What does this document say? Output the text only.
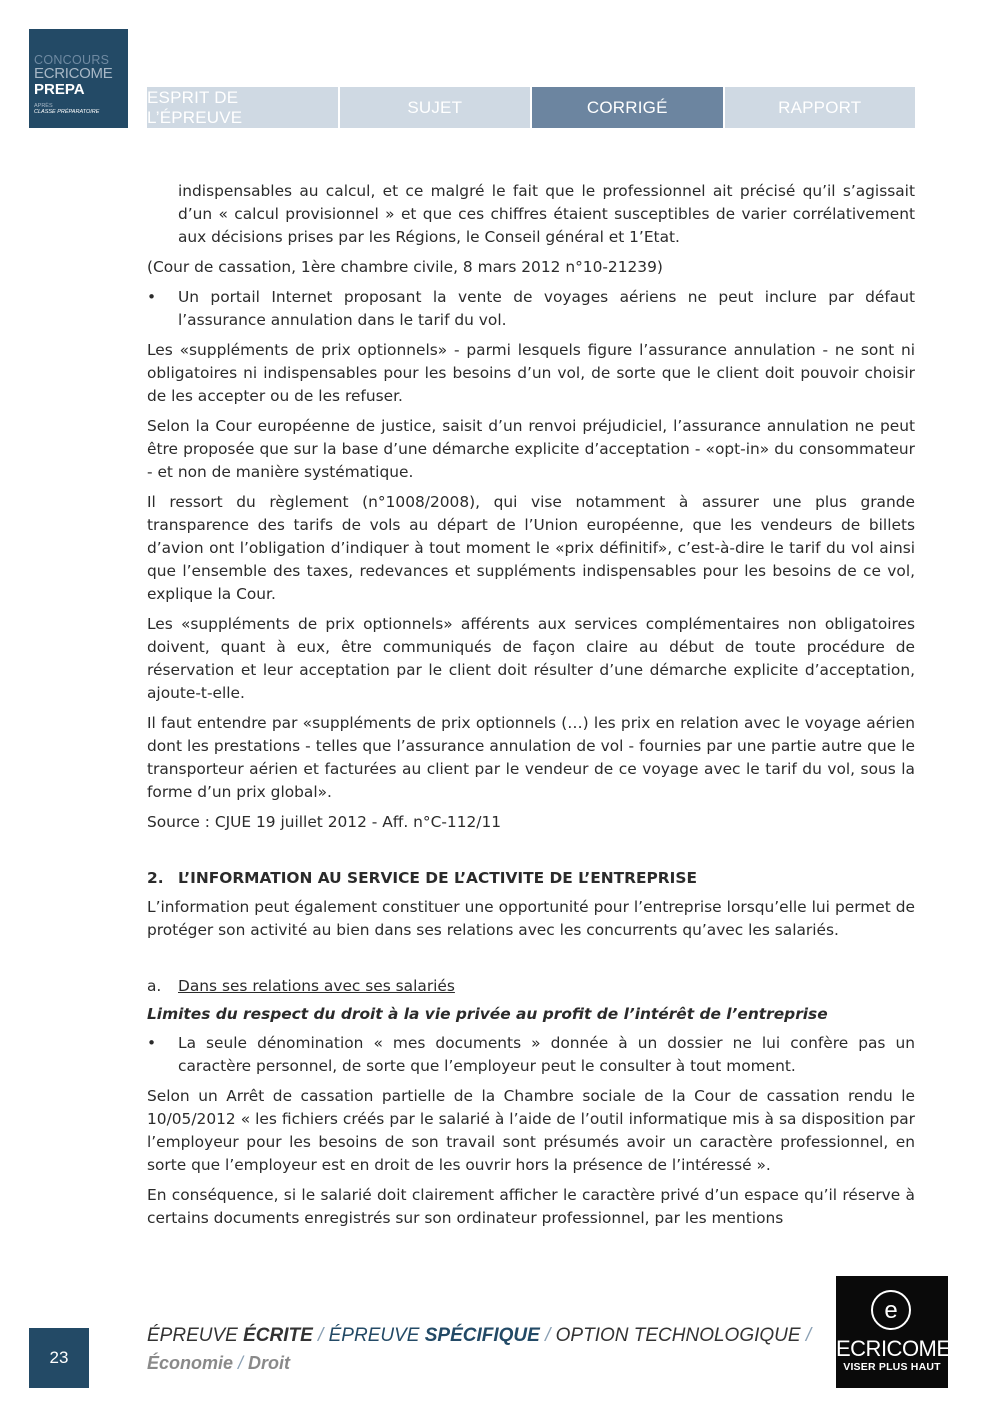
CONCOURS
ECRICOME
PREPA
APRÈS
CLASSE PRÉPARATOIRE
ESPRIT DE L’ÉPREUVE
SUJET	CORRIGÉ	RAPPORT

indispensables au calcul, et ce malgré le fait que le professionnel ait précisé qu’il s’agissait d’un « calcul provisionnel » et que ces chiffres étaient susceptibles de varier corrélativement aux décisions prises par les Régions, le Conseil général et 1’Etat.

(Cour de cassation, 1ère chambre civile, 8 mars 2012 n°10-21239)

• Un portail Internet proposant la vente de voyages aériens ne peut inclure par défaut l’assurance annulation dans le tarif du vol.

Les «suppléments de prix optionnels» - parmi lesquels figure l’assurance annulation - ne sont ni obligatoires ni indispensables pour les besoins d’un vol, de sorte que le client doit pouvoir choisir de les accepter ou de les refuser.

Selon la Cour européenne de justice, saisit d’un renvoi préjudiciel, l’assurance annulation ne peut être proposée que sur la base d’une démarche explicite d’acceptation - «opt-in» du consommateur - et non de manière systématique.

Il ressort du règlement (n°1008/2008), qui vise notamment à assurer une plus grande transparence des tarifs de vols au départ de l’Union européenne, que les vendeurs de billets d’avion ont l’obligation d’indiquer à tout moment le «prix définitif», c’est-à-dire le tarif du vol ainsi que l’ensemble des taxes, redevances et suppléments indispensables pour les besoins de ce vol, explique la Cour.

Les «suppléments de prix optionnels» afférents aux services complémentaires non obligatoires doivent, quant à eux, être communiqués de façon claire au début de toute procédure de réservation et leur acceptation par le client doit résulter d’une démarche explicite d’acceptation, ajoute-t-elle.

Il faut entendre par «suppléments de prix optionnels (…) les prix en relation avec le voyage aérien dont les prestations - telles que l’assurance annulation de vol - fournies par une partie autre que le transporteur aérien et facturées au client par le vendeur de ce voyage avec le tarif du vol, sous la forme d’un prix global».

Source : CJUE 19 juillet 2012 - Aff. n°C-112/11

2. L’INFORMATION AU SERVICE DE L’ACTIVITE DE L’ENTREPRISE

L’information peut également constituer une opportunité pour l’entreprise lorsqu’elle lui permet de protéger son activité au bien dans ses relations avec les concurrents qu’avec les salariés.

a. Dans ses relations avec ses salariés
Limites du respect du droit à la vie privée au profit de l’intérêt de l’entreprise
• La seule dénomination « mes documents » donnée à un dossier ne lui confère pas un caractère personnel, de sorte que l’employeur peut le consulter à tout moment.

Selon un Arrêt de cassation partielle de la Chambre sociale de la Cour de cassation rendu le 10/05/2012 « les fichiers créés par le salarié à l’aide de l’outil informatique mis à sa disposition par l’employeur pour les besoins de son travail sont présumés avoir un caractère professionnel, en sorte que l’employeur est en droit de les ouvrir hors la présence de l’intéressé ».

En conséquence, si le salarié doit clairement afficher le caractère privé d’un espace qu’il réserve à certains documents enregistrés sur son ordinateur professionnel, par les mentions

23
ÉPREUVE ÉCRITE / ÉPREUVE SPÉCIFIQUE / OPTION TECHNOLOGIQUE /
Économie / Droit
e
ECRICOME
VISER PLUS HAUT
